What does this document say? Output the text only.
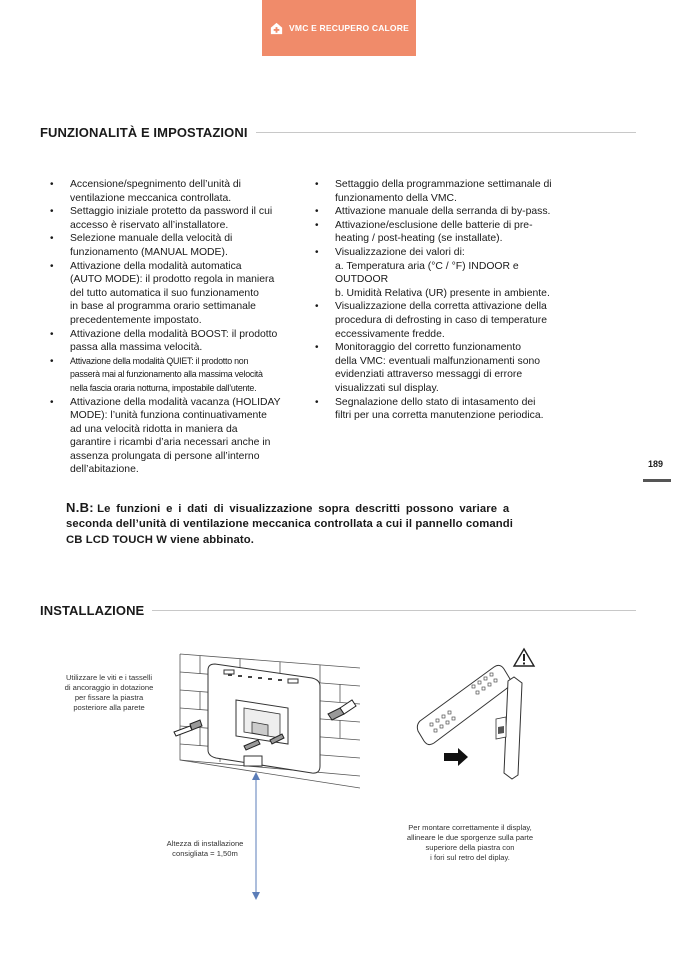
VMC E RECUPERO CALORE
FUNZIONALITÀ E IMPOSTAZIONI
• Accensione/spegnimento dell’unità di
ventilazione meccanica controllata.
• Settaggio iniziale protetto da password il cui
accesso è riservato all’installatore.
• Selezione manuale della velocità di
funzionamento (MANUAL MODE).
• Attivazione della modalità automatica
(AUTO MODE): il prodotto regola in maniera
del tutto automatica il suo funzionamento
in base al programma orario settimanale
precedentemente impostato.
• Attivazione della modalità BOOST: il prodotto
passa alla massima velocità.
• Attivazione della modalità QUIET: il prodotto non
passerà mai al funzionamento alla massima velocità
nella fascia oraria notturna, impostabile dall’utente.
• Attivazione della modalità vacanza (HOLIDAY
MODE): l’unità funziona continuativamente
ad una velocità ridotta in maniera da
garantire i ricambi d’aria necessari anche in
assenza prolungata di persone all’interno
dell’abitazione.
• Settaggio della programmazione settimanale di
funzionamento della VMC.
• Attivazione manuale della serranda di by-pass.
• Attivazione/esclusione delle batterie di pre-
heating / post-heating (se installate).
• Visualizzazione dei valori di:
a. Temperatura aria (°C / °F) INDOOR e
OUTDOOR
b. Umidità Relativa (UR) presente in ambiente.
• Visualizzazione della corretta attivazione della
procedura di defrosting in caso di temperature
eccessivamente fredde.
• Monitoraggio del corretto funzionamento
della VMC: eventuali malfunzionamenti sono
evidenziati attraverso messaggi di errore
visualizzati sul display.
• Segnalazione dello stato di intasamento dei
filtri per una corretta manutenzione periodica.
189
N.B: Le funzioni e i dati di visualizzazione sopra descritti possono variare a
seconda dell’unità di ventilazione meccanica controllata a cui il pannello comandi
CB LCD TOUCH W viene abbinato.
INSTALLAZIONE
Utilizzare le viti e i tasselli
di ancoraggio in dotazione
per fissare la piastra
posteriore alla parete
Altezza di installazione
consigliata = 1,50m
Per montare correttamente il display,
allineare le due sporgenze sulla parte
superiore della piastra con
i fori sul retro del diplay.
